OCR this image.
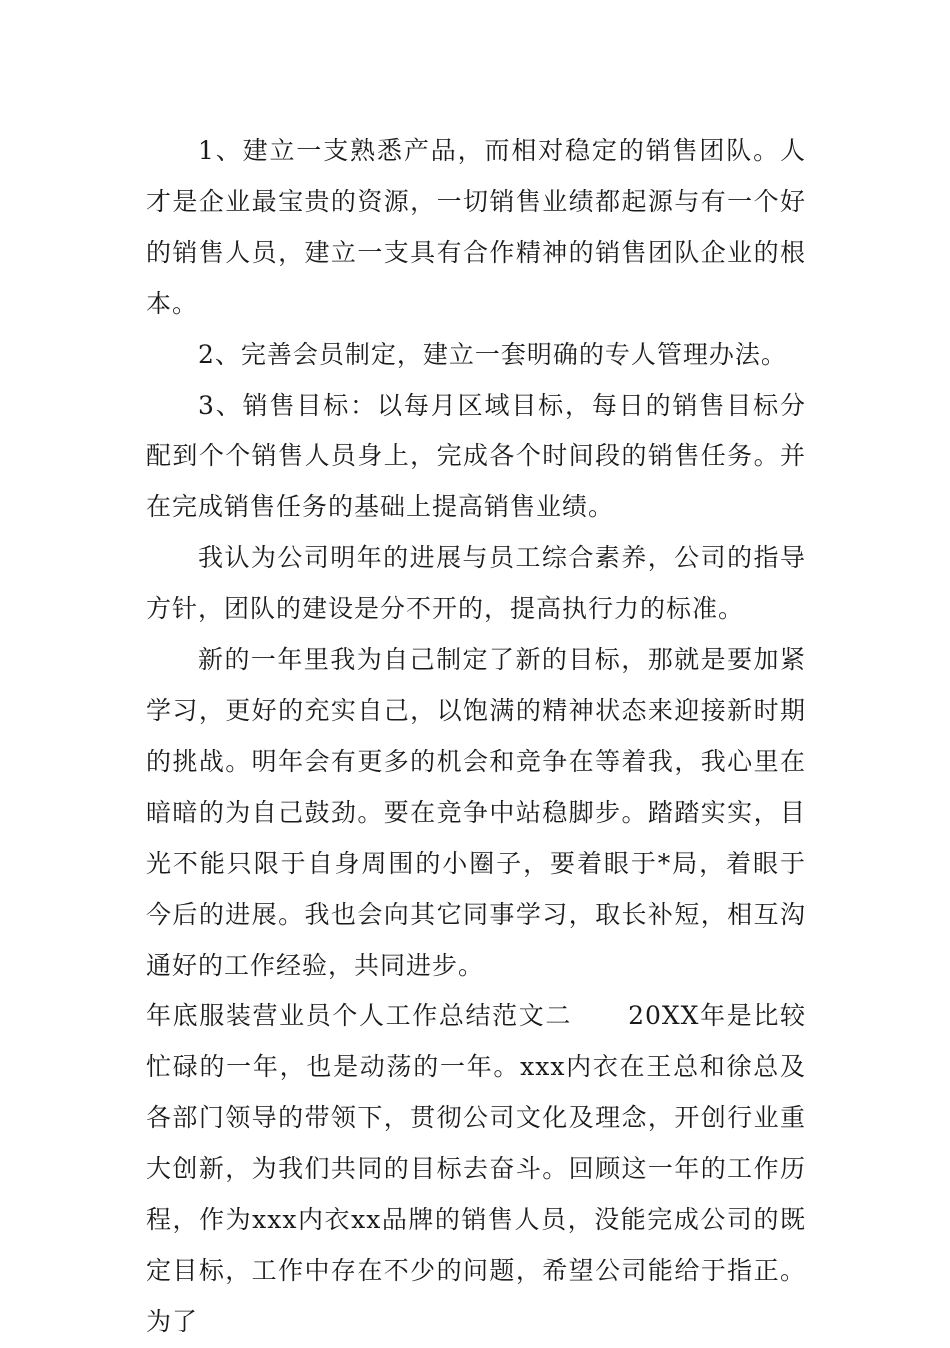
1、建立一支熟悉产品，而相对稳定的销售团队。人才是企业最宝贵的资源，一切销售业绩都起源与有一个好的销售人员，建立一支具有合作精神的销售团队企业的根本。

2、完善会员制定，建立一套明确的专人管理办法。

3、销售目标：以每月区域目标，每日的销售目标分配到个个销售人员身上，完成各个时间段的销售任务。并在完成销售任务的基础上提高销售业绩。

我认为公司明年的进展与员工综合素养，公司的指导方针，团队的建设是分不开的，提高执行力的标准。

新的一年里我为自己制定了新的目标，那就是要加紧学习，更好的充实自己，以饱满的精神状态来迎接新时期的挑战。明年会有更多的机会和竞争在等着我，我心里在暗暗的为自己鼓劲。要在竞争中站稳脚步。踏踏实实，目光不能只限于自身周围的小圈子，要着眼于*局，着眼于今后的进展。我也会向其它同事学习，取长补短，相互沟通好的工作经验，共同进步。

年底服装营业员个人工作总结范文二 20XX年是比较忙碌的一年，也是动荡的一年。xxx内衣在王总和徐总及各部门领导的带领下，贯彻公司文化及理念，开创行业重大创新，为我们共同的目标去奋斗。回顾这一年的工作历程，作为xxx内衣xx品牌的销售人员，没能完成公司的既定目标，工作中存在不少的问题，希望公司能给于指正。为了
